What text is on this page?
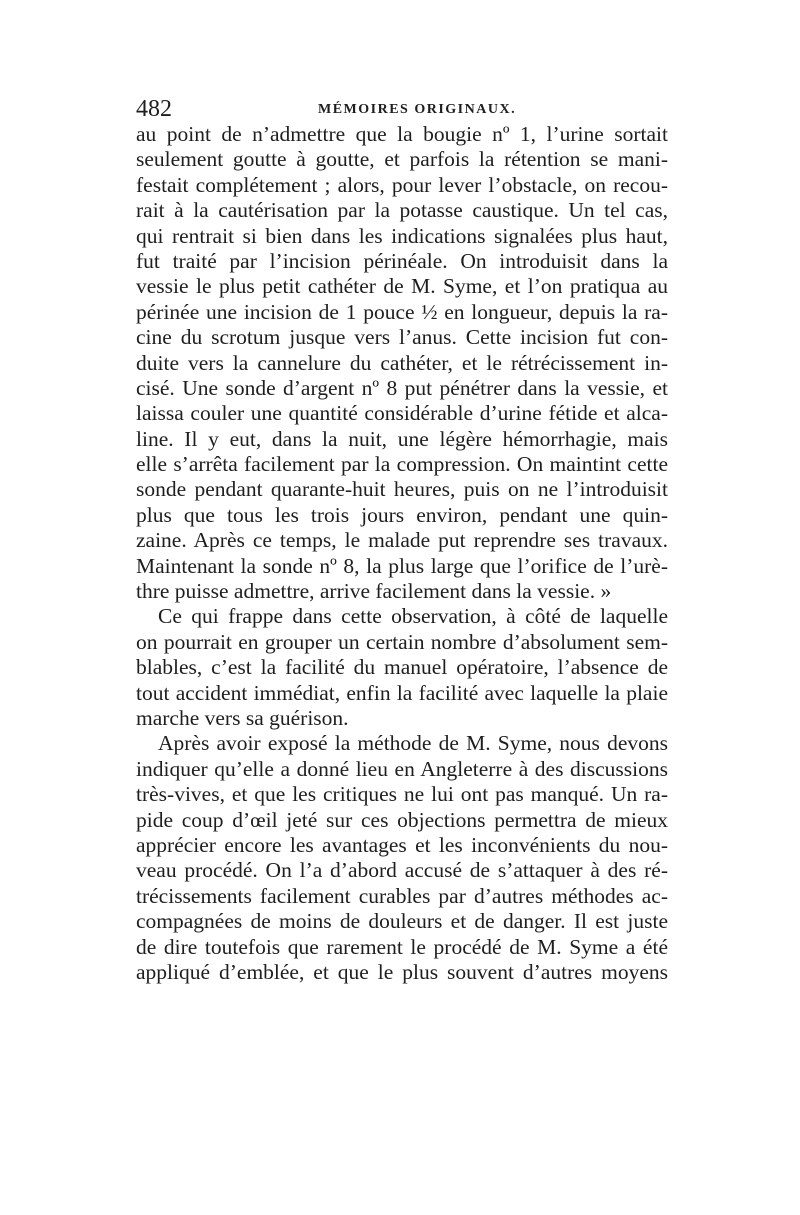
482	MÉMOIRES ORIGINAUX.
au point de n’admettre que la bougie nº 1, l’urine sortait
seulement goutte à goutte, et parfois la rétention se mani-
festait complétement ; alors, pour lever l’obstacle, on recou-
rait à la cautérisation par la potasse caustique. Un tel cas,
qui rentrait si bien dans les indications signalées plus haut,
fut traité par l’incision périnéale. On introduisit dans la
vessie le plus petit cathéter de M. Syme, et l’on pratiqua au
périnée une incision de 1 pouce ½ en longueur, depuis la ra-
cine du scrotum jusque vers l’anus. Cette incision fut con-
duite vers la cannelure du cathéter, et le rétrécissement in-
cisé. Une sonde d’argent nº 8 put pénétrer dans la vessie, et
laissa couler une quantité considérable d’urine fétide et alca-
line. Il y eut, dans la nuit, une légère hémorrhagie, mais
elle s’arrêta facilement par la compression. On maintint cette
sonde pendant quarante-huit heures, puis on ne l’introduisit
plus que tous les trois jours environ, pendant une quin-
zaine. Après ce temps, le malade put reprendre ses travaux.
Maintenant la sonde nº 8, la plus large que l’orifice de l’urè-
thre puisse admettre, arrive facilement dans la vessie. »
Ce qui frappe dans cette observation, à côté de laquelle
on pourrait en grouper un certain nombre d’absolument sem-
blables, c’est la facilité du manuel opératoire, l’absence de
tout accident immédiat, enfin la facilité avec laquelle la plaie
marche vers sa guérison.
Après avoir exposé la méthode de M. Syme, nous devons
indiquer qu’elle a donné lieu en Angleterre à des discussions
très-vives, et que les critiques ne lui ont pas manqué. Un ra-
pide coup d’œil jeté sur ces objections permettra de mieux
apprécier encore les avantages et les inconvénients du nou-
veau procédé. On l’a d’abord accusé de s’attaquer à des ré-
trécissements facilement curables par d’autres méthodes ac-
compagnées de moins de douleurs et de danger. Il est juste
de dire toutefois que rarement le procédé de M. Syme a été
appliqué d’emblée, et que le plus souvent d’autres moyens
